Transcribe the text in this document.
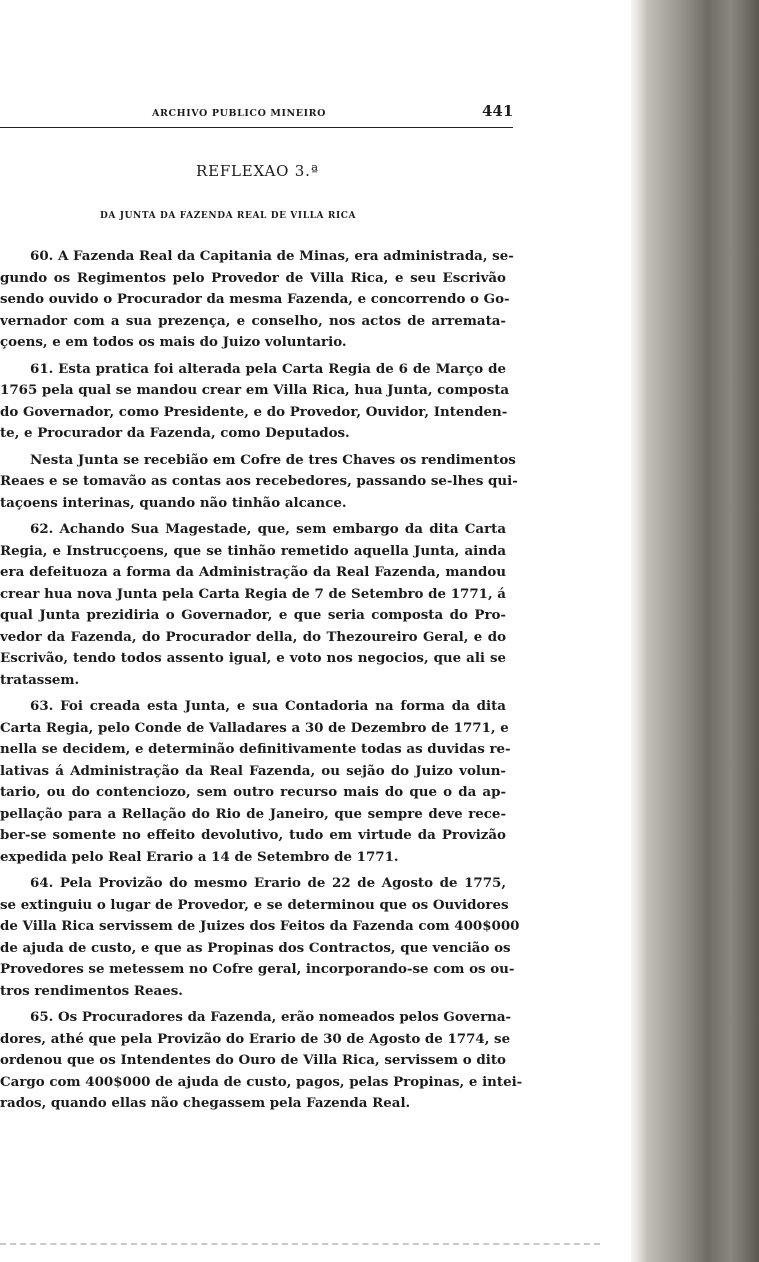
ARCHIVO PUBLICO MINEIRO	441
REFLEXAO 3.ª
DA JUNTA DA FAZENDA REAL DE VILLA RICA
60. A Fazenda Real da Capitania de Minas, era administrada, se-
gundo os Regimentos pelo Provedor de Villa Rica, e seu Escrivão
sendo ouvido o Procurador da mesma Fazenda, e concorrendo o Go-
vernador com a sua prezença, e conselho, nos actos de arremata-
çoens, e em todos os mais do Juizo voluntario.
61. Esta pratica foi alterada pela Carta Regia de 6 de Março de
1765 pela qual se mandou crear em Villa Rica, hua Junta, composta
do Governador, como Presidente, e do Provedor, Ouvidor, Intenden-
te, e Procurador da Fazenda, como Deputados.
Nesta Junta se recebião em Cofre de tres Chaves os rendimentos
Reaes e se tomavão as contas aos recebedores, passando se-lhes qui-
taçoens interinas, quando não tinhão alcance.
62. Achando Sua Magestade, que, sem embargo da dita Carta
Regia, e Instrucçoens, que se tinhão remetido aquella Junta, ainda
era defeituoza a forma da Administração da Real Fazenda, mandou
crear hua nova Junta pela Carta Regia de 7 de Setembro de 1771, á
qual Junta prezidiria o Governador, e que seria composta do Pro-
vedor da Fazenda, do Procurador della, do Thezoureiro Geral, e do
Escrivão, tendo todos assento igual, e voto nos negocios, que ali se
tratassem.
63. Foi creada esta Junta, e sua Contadoria na forma da dita
Carta Regia, pelo Conde de Valladares a 30 de Dezembro de 1771, e
nella se decidem, e determinão definitivamente todas as duvidas re-
lativas á Administração da Real Fazenda, ou sejão do Juizo volun-
tario, ou do contenciozo, sem outro recurso mais do que o da ap-
pellação para a Rellação do Rio de Janeiro, que sempre deve rece-
ber-se somente no effeito devolutivo, tudo em virtude da Provizão
expedida pelo Real Erario a 14 de Setembro de 1771.
64. Pela Provizão do mesmo Erario de 22 de Agosto de 1775,
se extinguiu o lugar de Provedor, e se determinou que os Ouvidores
de Villa Rica servissem de Juizes dos Feitos da Fazenda com 400$000
de ajuda de custo, e que as Propinas dos Contractos, que vencião os
Provedores se metessem no Cofre geral, incorporando-se com os ou-
tros rendimentos Reaes.
65. Os Procuradores da Fazenda, erão nomeados pelos Governa-
dores, athé que pela Provizão do Erario de 30 de Agosto de 1774, se
ordenou que os Intendentes do Ouro de Villa Rica, servissem o dito
Cargo com 400$000 de ajuda de custo, pagos, pelas Propinas, e intei-
rados, quando ellas não chegassem pela Fazenda Real.
